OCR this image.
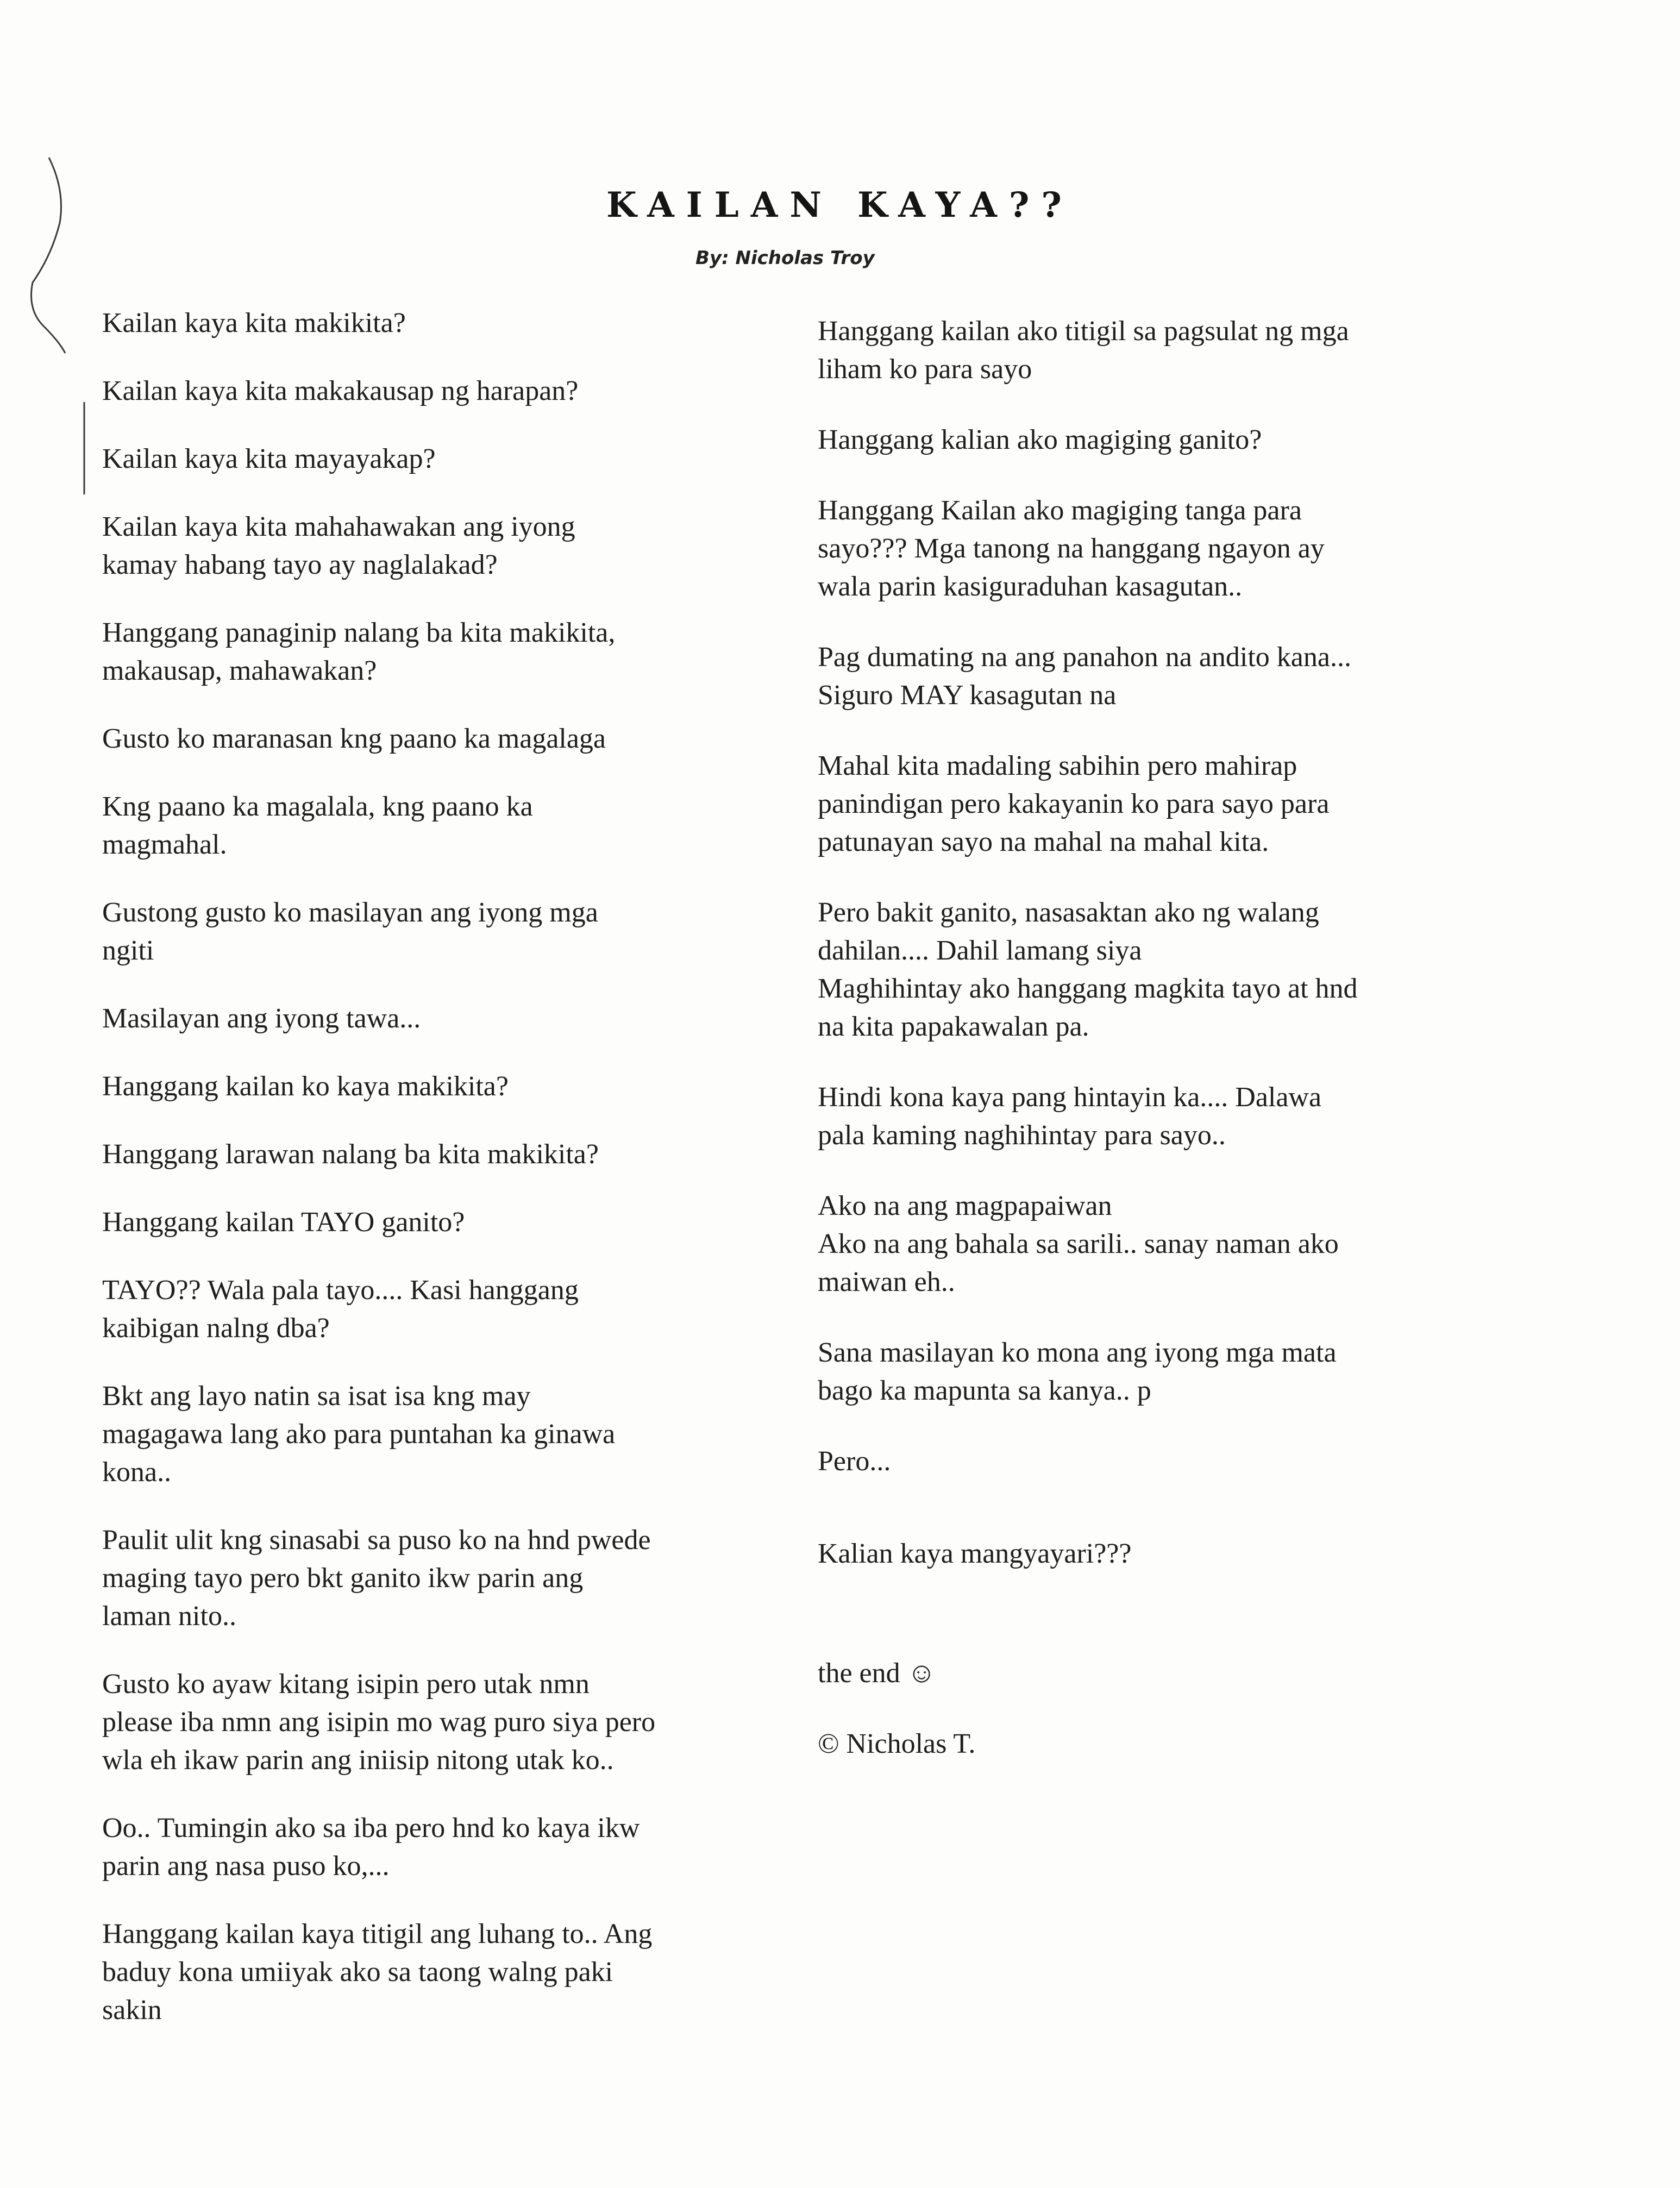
KAILAN KAYA??
By: Nicholas Troy

Kailan kaya kita makikita?

Kailan kaya kita makakausap ng harapan?

Kailan kaya kita mayayakap?

Kailan kaya kita mahahawakan ang iyong
kamay habang tayo ay naglalakad?

Hanggang panaginip nalang ba kita makikita,
makausap, mahawakan?

Gusto ko maranasan kng paano ka magalaga

Kng paano ka magalala, kng paano ka
magmahal.

Gustong gusto ko masilayan ang iyong mga
ngiti

Masilayan ang iyong tawa...

Hanggang kailan ko kaya makikita?

Hanggang larawan nalang ba kita makikita?

Hanggang kailan TAYO ganito?

TAYO?? Wala pala tayo.... Kasi hanggang
kaibigan nalng dba?

Bkt ang layo natin sa isat isa kng may
magagawa lang ako para puntahan ka ginawa
kona..

Paulit ulit kng sinasabi sa puso ko na hnd pwede
maging tayo pero bkt ganito ikw parin ang
laman nito..

Gusto ko ayaw kitang isipin pero utak nmn
please iba nmn ang isipin mo wag puro siya pero
wla eh ikaw parin ang iniisip nitong utak ko..

Oo.. Tumingin ako sa iba pero hnd ko kaya ikw
parin ang nasa puso ko,...

Hanggang kailan kaya titigil ang luhang to.. Ang
baduy kona umiiyak ako sa taong walng paki
sakin

Hanggang kailan ako titigil sa pagsulat ng mga
liham ko para sayo

Hanggang kalian ako magiging ganito?

Hanggang Kailan ako magiging tanga para
sayo??? Mga tanong na hanggang ngayon ay
wala parin kasiguraduhan kasagutan..

Pag dumating na ang panahon na andito kana...
Siguro MAY kasagutan na

Mahal kita madaling sabihin pero mahirap
panindigan pero kakayanin ko para sayo para
patunayan sayo na mahal na mahal kita.

Pero bakit ganito, nasasaktan ako ng walang
dahilan.... Dahil lamang siya
Maghihintay ako hanggang magkita tayo at hnd
na kita papakawalan pa.

Hindi kona kaya pang hintayin ka.... Dalawa
pala kaming naghihintay para sayo..

Ako na ang magpapaiwan
Ako na ang bahala sa sarili.. sanay naman ako
maiwan eh..

Sana masilayan ko mona ang iyong mga mata
bago ka mapunta sa kanya.. p

Pero...

Kalian kaya mangyayari???

the end ☺

© Nicholas T.
